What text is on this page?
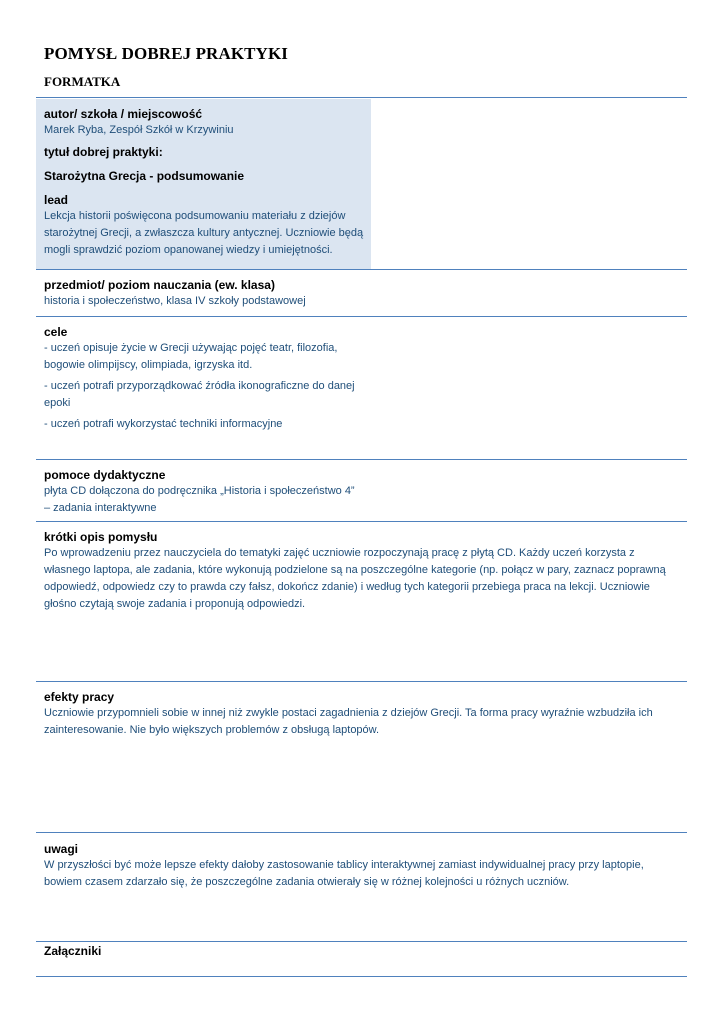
POMYSŁ DOBREJ PRAKTYKI
FORMATKA
autor/ szkoła / miejscowość
Marek Ryba, Zespół Szkół w Krzywiniu
tytuł dobrej praktyki:
Starożytna Grecja - podsumowanie
lead
Lekcja historii poświęcona podsumowaniu materiału z dziejów starożytnej Grecji, a zwłaszcza kultury antycznej. Uczniowie będą mogli sprawdzić poziom opanowanej wiedzy i umiejętności.
przedmiot/ poziom nauczania (ew. klasa)
historia i społeczeństwo, klasa IV szkoły podstawowej
cele
- uczeń opisuje życie w Grecji używając pojęć teatr, filozofia, bogowie olimpijscy, olimpiada, igrzyska itd.
- uczeń potrafi przyporządkować źródła ikonograficzne do danej epoki
- uczeń potrafi wykorzystać techniki informacyjne
pomoce dydaktyczne
płyta CD dołączona do podręcznika „Historia i społeczeństwo 4”
– zadania interaktywne
krótki opis pomysłu
Po wprowadzeniu przez nauczyciela do tematyki zajęć uczniowie rozpoczynają pracę z płytą CD. Każdy uczeń korzysta z własnego laptopa, ale zadania, które wykonują podzielone są na poszczególne kategorie (np. połącz w pary, zaznacz poprawną odpowiedź, odpowiedz czy to prawda czy fałsz, dokończ zdanie) i według tych kategorii przebiega praca na lekcji. Uczniowie głośno czytają swoje zadania i proponują odpowiedzi.
efekty pracy
Uczniowie przypomnieli sobie w innej niż zwykle postaci zagadnienia z dziejów Grecji. Ta forma pracy wyraźnie wzbudziła ich zainteresowanie. Nie było większych problemów z obsługą laptopów.
uwagi
W przyszłości być może lepsze efekty dałoby zastosowanie tablicy interaktywnej zamiast indywidualnej pracy przy laptopie, bowiem czasem zdarzało się, że poszczególne zadania otwierały się w różnej kolejności u różnych uczniów.
Załączniki
